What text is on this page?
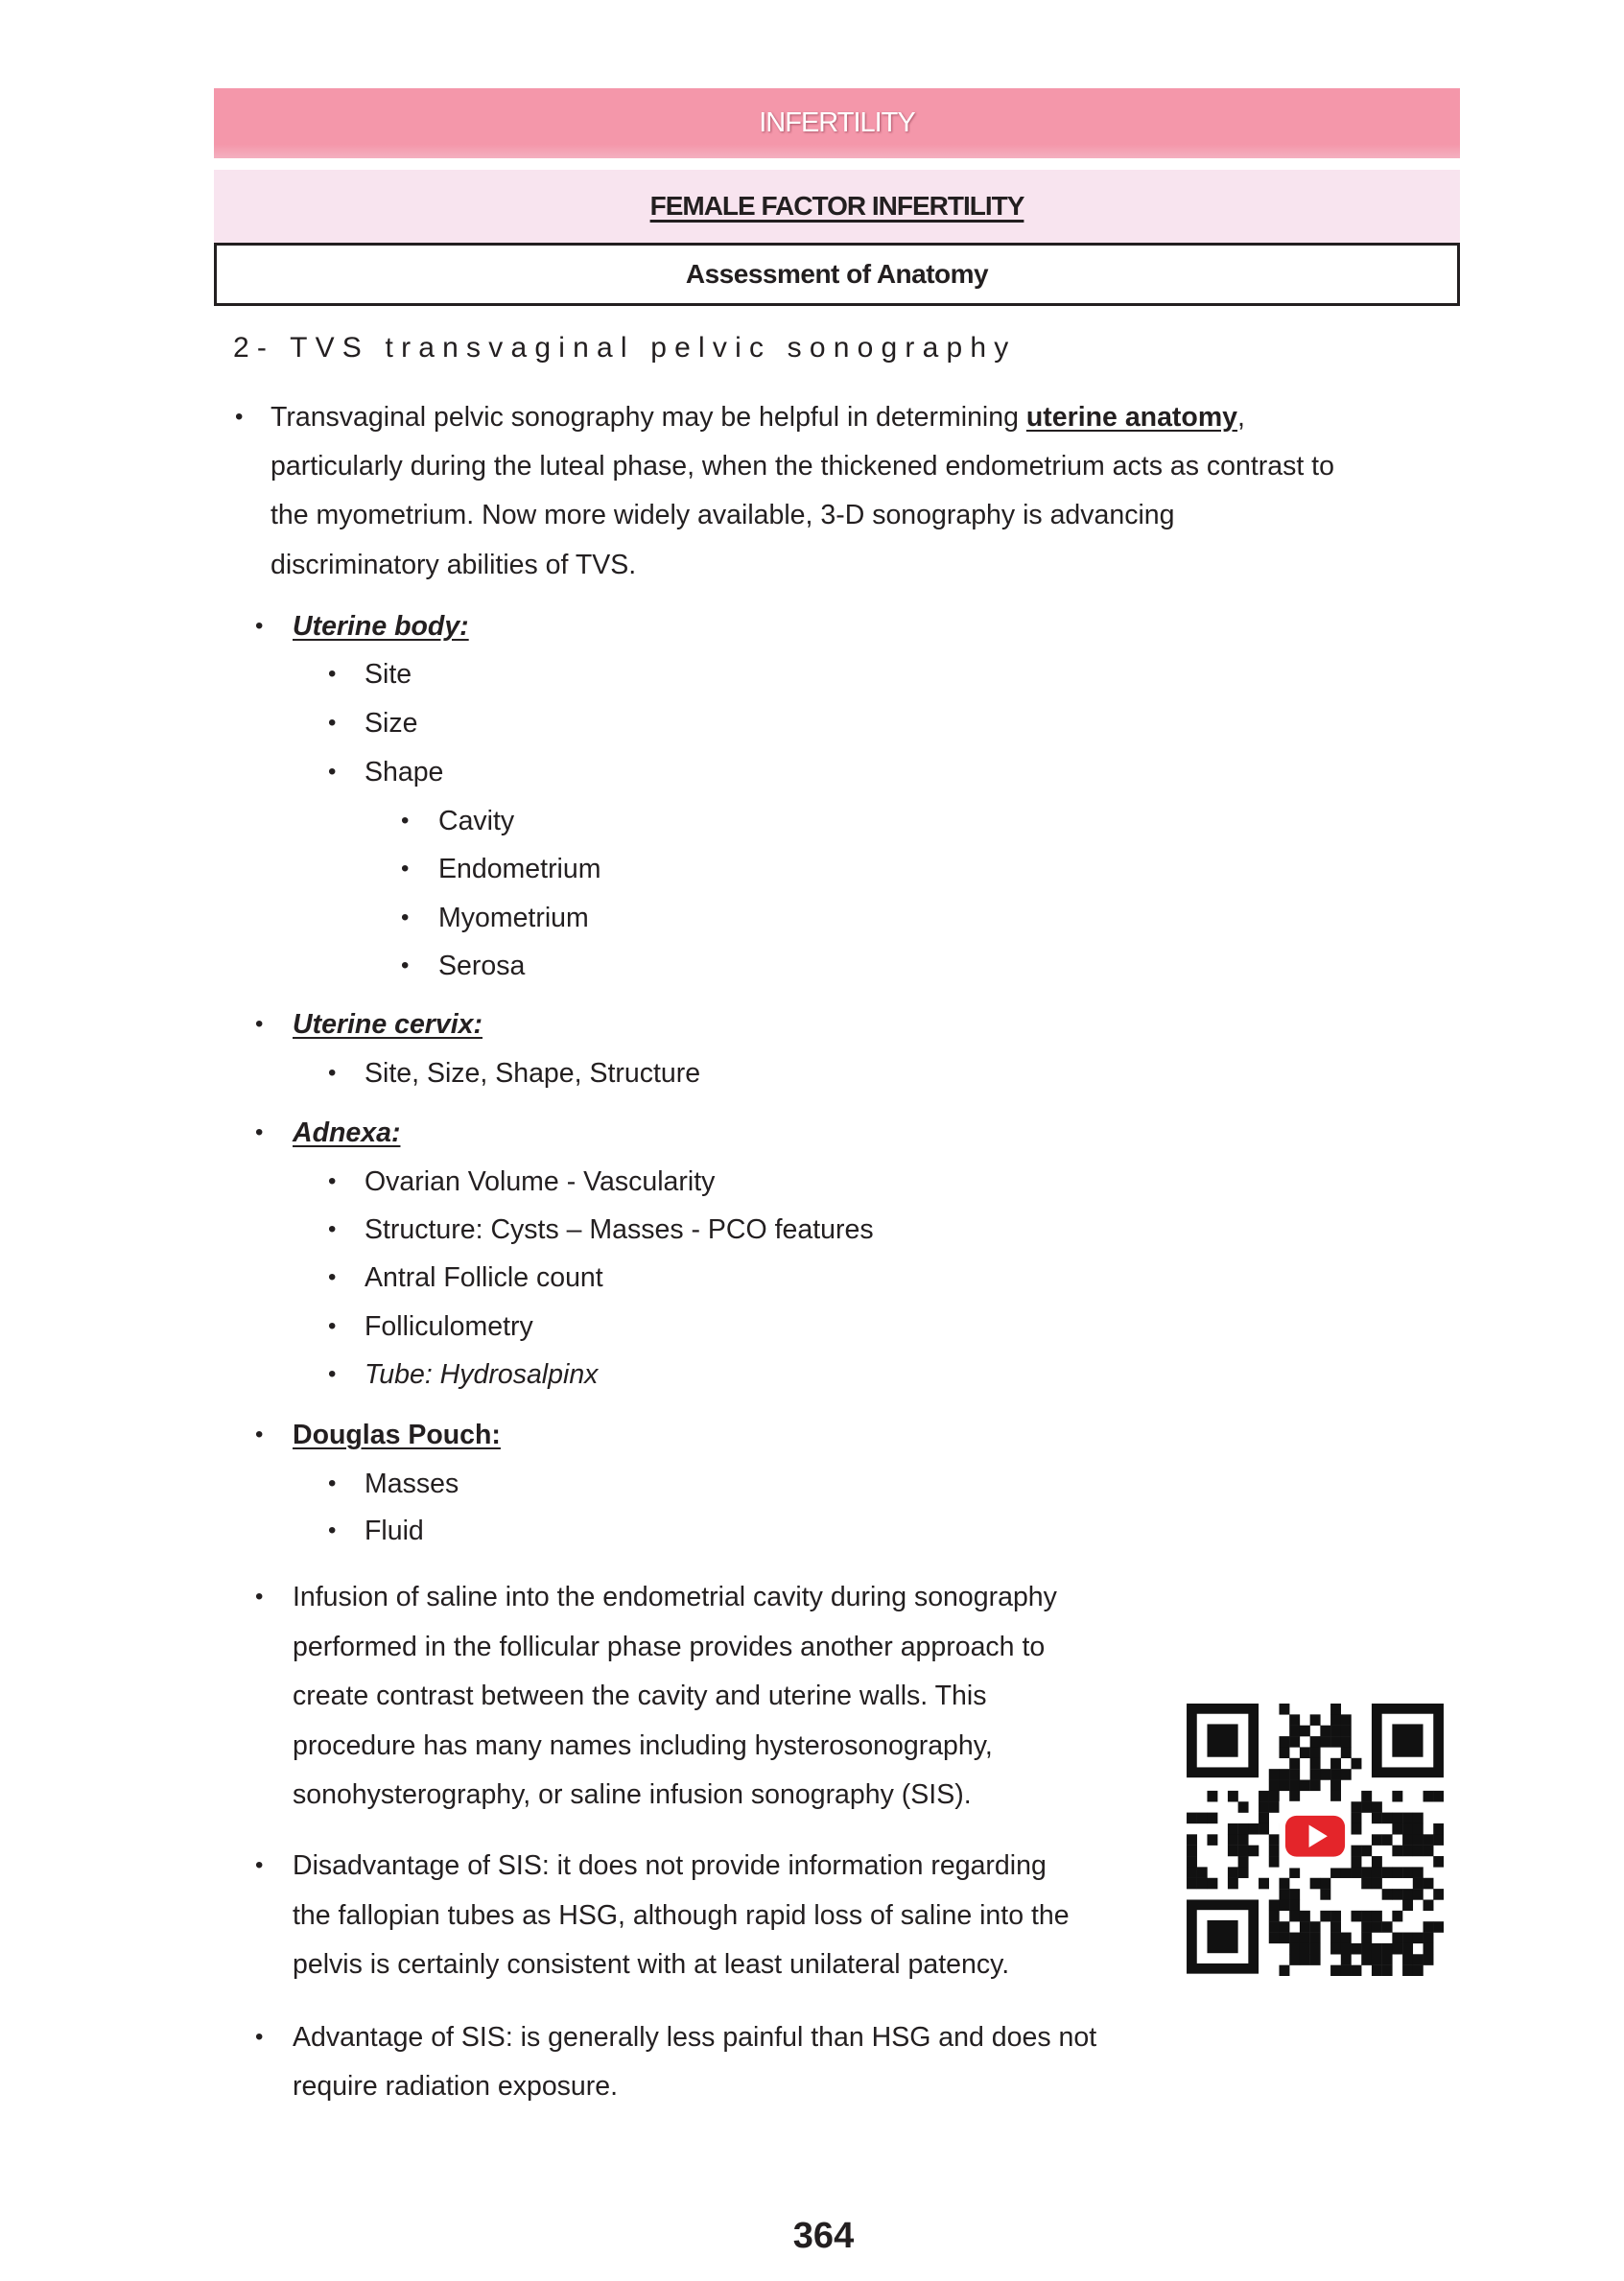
INFERTILITY
FEMALE FACTOR INFERTILITY
Assessment of Anatomy
2- TVS transvaginal pelvic sonography
• Transvaginal pelvic sonography may be helpful in determining uterine anatomy,
particularly during the luteal phase, when the thickened endometrium acts as contrast to
the myometrium. Now more widely available, 3-D sonography is advancing
discriminatory abilities of TVS.
• Uterine body:
• Site
• Size
• Shape
• Cavity
• Endometrium
• Myometrium
• Serosa
• Uterine cervix:
• Site, Size, Shape, Structure
• Adnexa:
• Ovarian Volume - Vascularity
• Structure: Cysts – Masses - PCO features
• Antral Follicle count
• Folliculometry
• Tube: Hydrosalpinx
• Douglas Pouch:
• Masses
• Fluid
• Infusion of saline into the endometrial cavity during sonography
performed in the follicular phase provides another approach to
create contrast between the cavity and uterine walls. This
procedure has many names including hysterosonography,
sonohysterography, or saline infusion sonography (SIS).
• Disadvantage of SIS: it does not provide information regarding
the fallopian tubes as HSG, although rapid loss of saline into the
pelvis is certainly consistent with at least unilateral patency.
• Advantage of SIS: is generally less painful than HSG and does not
require radiation exposure.
364
